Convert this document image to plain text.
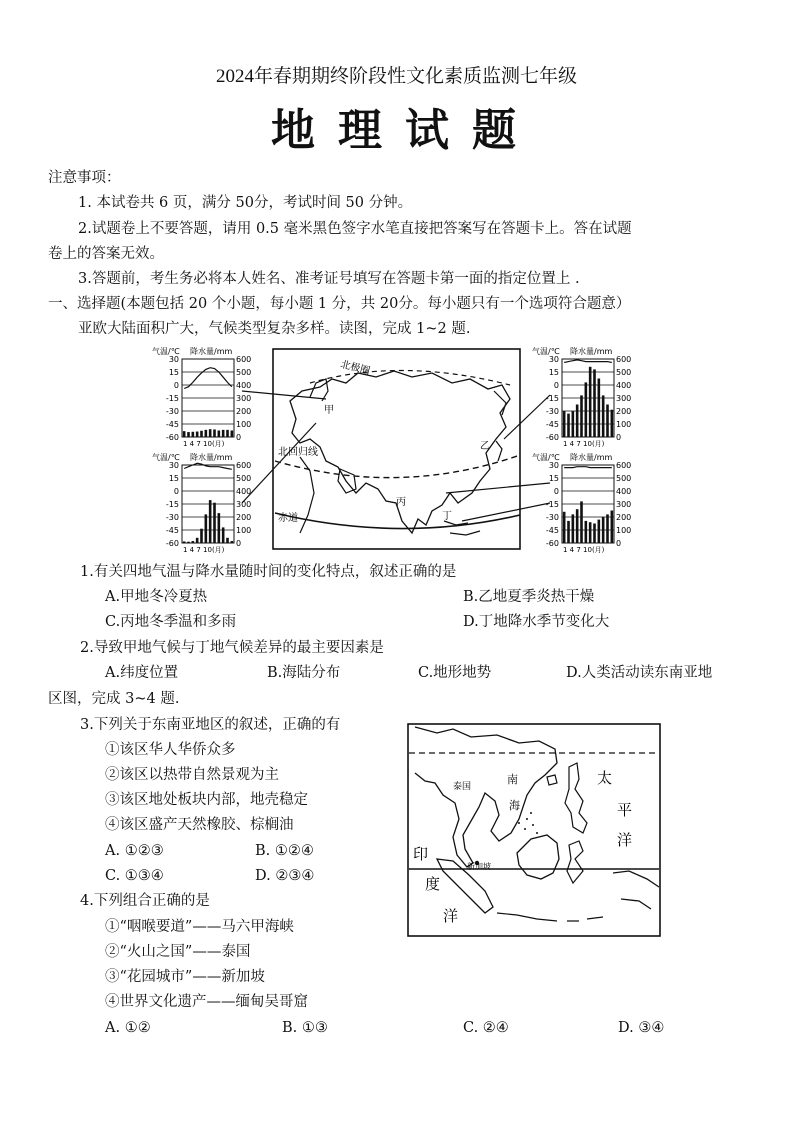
2024年春期期终阶段性文化素质监测七年级
地 理 试 题
注意事项：
1. 本试卷共 6 页，满分 50分，考试时间 50 分钟。
2.试题卷上不要答题，请用 0.5 毫米黑色签字水笔直接把答案写在答题卡上。答在试题
卷上的答案无效。
3.答题前，考生务必将本人姓名、准考证号填写在答题卡第一面的指定位置上 .
一、选择题(本题包括 20 个小题，每小题 1 分，共 20分。每小题只有一个选项符合题意）
亚欧大陆面积广大，气候类型复杂多样。读图，完成 1~2 题.
北极圈
北回归线
赤道
甲
丙
乙
丁
气温/℃ 降水量/mm
30	600
15	500
0	400
-15	300
-30	200
-45	100
-60	0
1 4 7 10(月)
气温/℃ 降水量/mm
30	600
15	500
0	400
-15	300
-30	200
-45	100
-60	0
1 4 7 10(月)
气温/℃ 降水量/mm
30	600
15	500
0	400
-15	300
-30	200
-45	100
-60	0
1 4 7 10(月)
气温/℃ 降水量/mm
30	600
15	500
0	400
-15	300
-30	200
-45	100
-60	0
1 4 7 10(月)
1.有关四地气温与降水量随时间的变化特点，叙述正确的是
A.甲地冬冷夏热	B.乙地夏季炎热干燥
C.丙地冬季温和多雨	D.丁地降水季节变化大
2.导致甲地气候与丁地气候差异的最主要因素是
A.纬度位置	B.海陆分布	C.地形地势	D.人类活动读东南亚地
区图，完成 3~4 题.
3.下列关于东南亚地区的叙述，正确的有
①该区华人华侨众多
②该区以热带自然景观为主
③该区地处板块内部，地壳稳定
④该区盛产天然橡胶、棕榈油
A. ①②③	B. ①②④
C. ①③④	D. ②③④
4.下列组合正确的是
①“咽喉要道”——马六甲海峡
②“火山之国”——泰国
③“花园城市”——新加坡
④世界文化遗产——缅甸吴哥窟
A. ①②	B. ①③	C. ②④	D. ③④
新加坡
泰国
南
海
太
平
洋
印
度
洋
